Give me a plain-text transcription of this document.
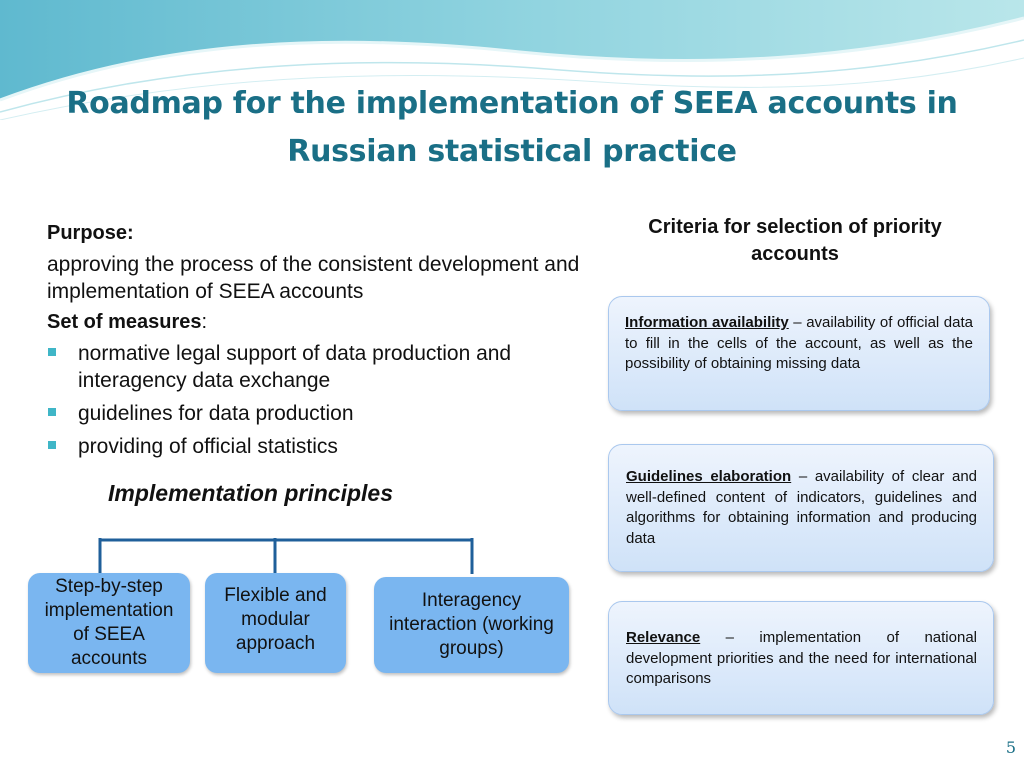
Roadmap for the implementation of SEEA accounts in
Russian statistical practice
Purpose:
approving the process of the consistent development and implementation of SEEA accounts
Set of measures:
normative legal support of data production and interagency data exchange
guidelines for data production
providing of official statistics
Implementation principles
Step-by-step implementation of SEEA accounts
Flexible and modular approach
Interagency interaction (working groups)
Criteria for selection of priority accounts
Information availability – availability of official data to fill in the cells of the account, as well as the possibility of obtaining missing data
Guidelines elaboration – availability of clear and well-defined content of indicators, guidelines and algorithms for obtaining information and producing data
Relevance – implementation of national development priorities and the need for international comparisons
5
